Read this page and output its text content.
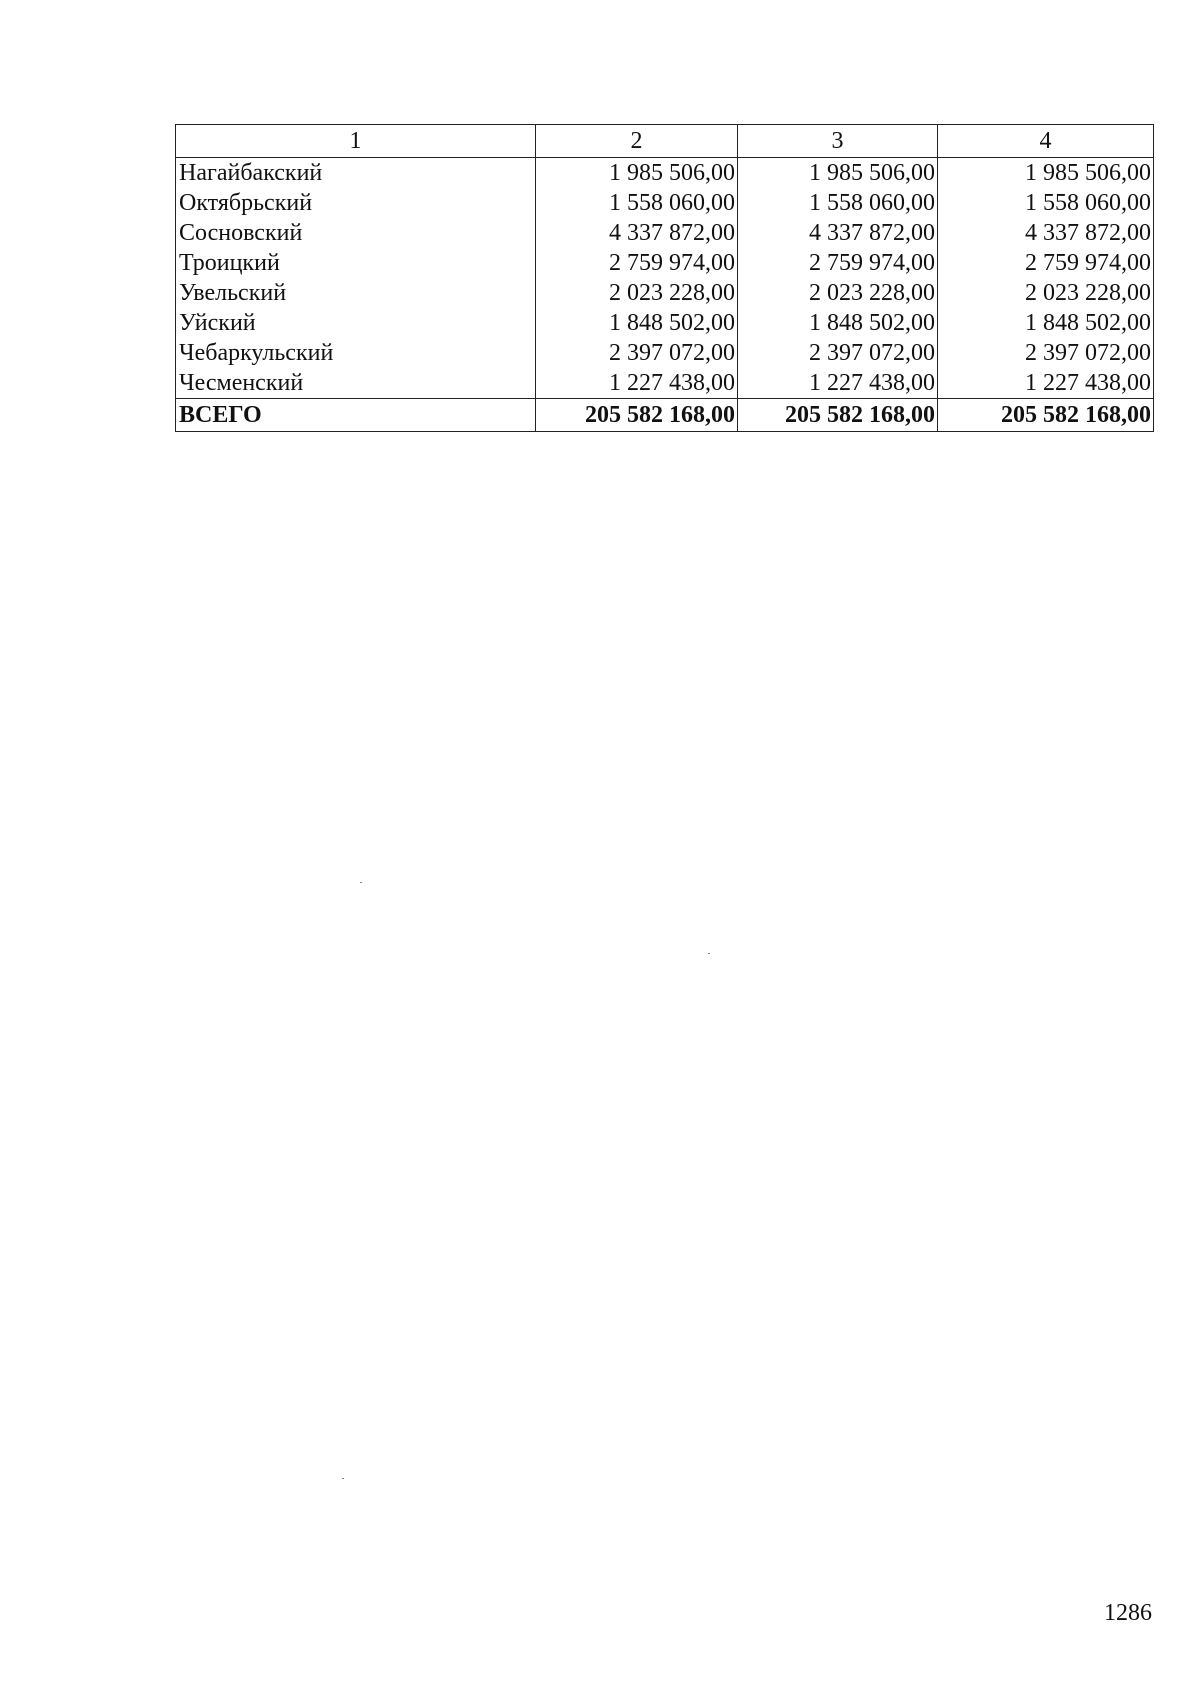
1	2	3	4
Нагайбакский	1 985 506,00	1 985 506,00	1 985 506,00
Октябрьский	1 558 060,00	1 558 060,00	1 558 060,00
Сосновский	4 337 872,00	4 337 872,00	4 337 872,00
Троицкий	2 759 974,00	2 759 974,00	2 759 974,00
Увельский	2 023 228,00	2 023 228,00	2 023 228,00
Уйский	1 848 502,00	1 848 502,00	1 848 502,00
Чебаркульский	2 397 072,00	2 397 072,00	2 397 072,00
Чесменский	1 227 438,00	1 227 438,00	1 227 438,00
ВСЕГО	205 582 168,00	205 582 168,00	205 582 168,00
1286
